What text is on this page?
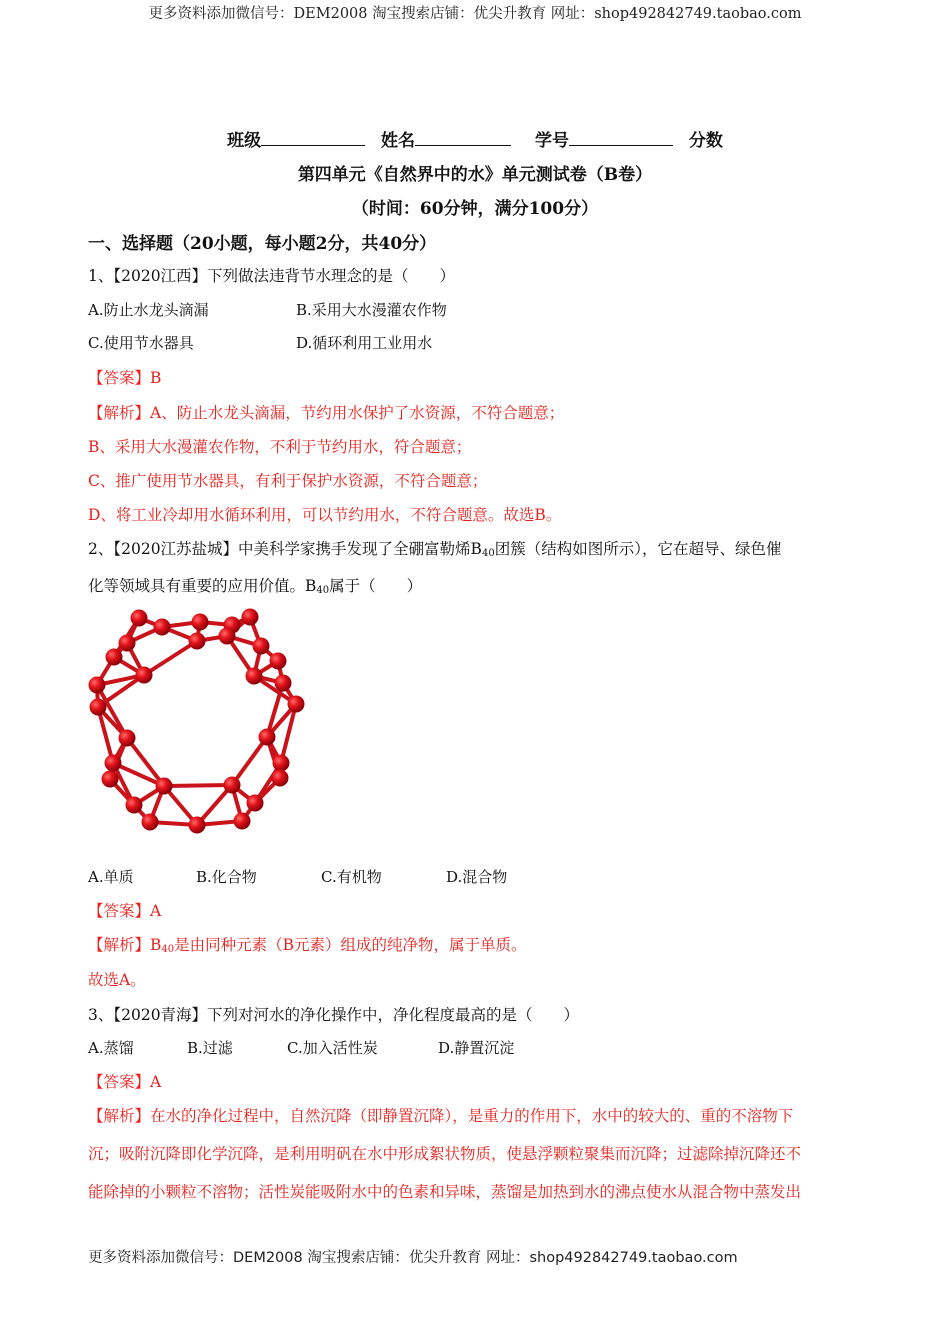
更多资料添加微信号：DEM2008 淘宝搜索店铺：优尖升教育 网址：shop492842749.taobao.com
班级	姓名	学号	分数
第四单元《自然界中的水》单元测试卷（B卷）
（时间：60分钟，满分100分）
一、选择题（20小题，每小题2分，共40分）
1、【2020江西】下列做法违背节水理念的是（　　）
A.防止水龙头滴漏	B.采用大水漫灌农作物
C.使用节水器具	D.循环利用工业用水
【答案】B
【解析】A、防止水龙头滴漏，节约用水保护了水资源，不符合题意；
B、采用大水漫灌农作物，不利于节约用水，符合题意；
C、推广使用节水器具，有利于保护水资源，不符合题意；
D、将工业冷却用水循环利用，可以节约用水，不符合题意。故选B。
2、【2020江苏盐城】中美科学家携手发现了全硼富勒烯$B_{40}$团簇（结构如图所示），它在超导、绿色催
化等领域具有重要的应用价值。$B_{40}$属于（　　）
A.单质	B.化合物	C.有机物	D.混合物
【答案】A
【解析】$B_{40}$是由同种元素（B元素）组成的纯净物，属于单质。
故选A。
3、【2020青海】下列对河水的净化操作中，净化程度最高的是（　　）
A.蒸馏	B.过滤	C.加入活性炭	D.静置沉淀
【答案】A
【解析】在水的净化过程中，自然沉降（即静置沉降），是重力的作用下，水中的较大的、重的不溶物下
沉；吸附沉降即化学沉降，是利用明矾在水中形成絮状物质，使悬浮颗粒聚集而沉降；过滤除掉沉降还不
能除掉的小颗粒不溶物；活性炭能吸附水中的色素和异味，蒸馏是加热到水的沸点使水从混合物中蒸发出
更多资料添加微信号：DEM2008 淘宝搜索店铺：优尖升教育 网址：shop492842749.taobao.com
